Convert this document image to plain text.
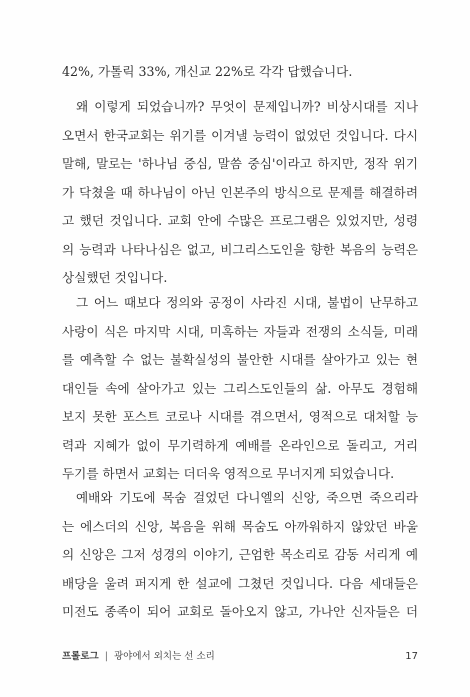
42%, 가톨릭 33%, 개신교 22%로 각각 답했습니다.
왜 이렇게 되었습니까? 무엇이 문제입니까? 비상시대를 지나
오면서 한국교회는 위기를 이겨낼 능력이 없었던 것입니다. 다시
말해, 말로는 '하나님 중심, 말씀 중심'이라고 하지만, 정작 위기
가 닥쳤을 때 하나님이 아닌 인본주의 방식으로 문제를 해결하려
고 했던 것입니다. 교회 안에 수많은 프로그램은 있었지만, 성령
의 능력과 나타나심은 없고, 비그리스도인을 향한 복음의 능력은
상실했던 것입니다.
그 어느 때보다 정의와 공정이 사라진 시대, 불법이 난무하고
사랑이 식은 마지막 시대, 미혹하는 자들과 전쟁의 소식들, 미래
를 예측할 수 없는 불확실성의 불안한 시대를 살아가고 있는 현
대인들 속에 살아가고 있는 그리스도인들의 삶. 아무도 경험해
보지 못한 포스트 코로나 시대를 겪으면서, 영적으로 대처할 능
력과 지혜가 없이 무기력하게 예배를 온라인으로 돌리고, 거리
두기를 하면서 교회는 더더욱 영적으로 무너지게 되었습니다.
예배와 기도에 목숨 걸었던 다니엘의 신앙, 죽으면 죽으리라
는 에스더의 신앙, 복음을 위해 목숨도 아까워하지 않았던 바울
의 신앙은 그저 성경의 이야기, 근엄한 목소리로 감동 서리게 예
배당을 울려 퍼지게 한 설교에 그쳤던 것입니다. 다음 세대들은
미전도 종족이 되어 교회로 돌아오지 않고, 가나안 신자들은 더
프롤로그 | 광야에서 외치는 선 소리	17
